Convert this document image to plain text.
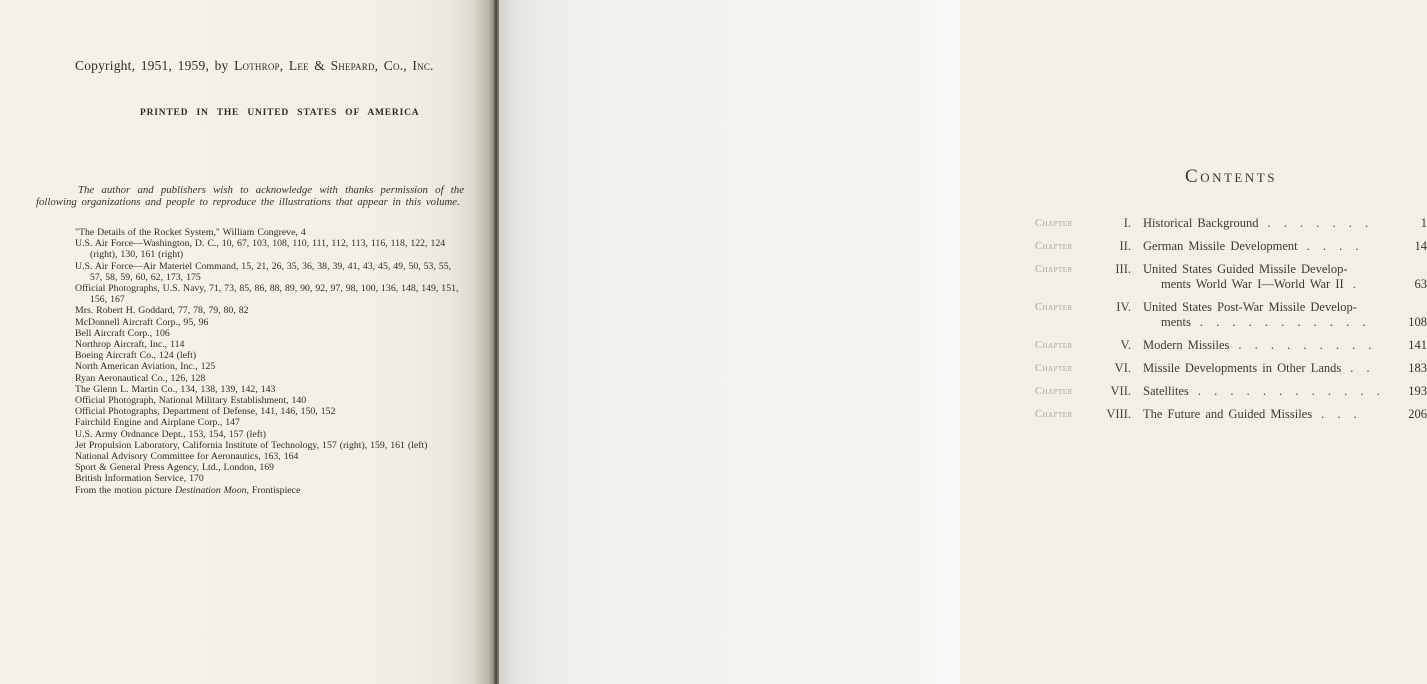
Copyright, 1951, 1959, by Lothrop, Lee & Shepard, Co., Inc.
PRINTED IN THE UNITED STATES OF AMERICA
The author and publishers wish to acknowledge with thanks permission of the following organizations and people to reproduce the illustrations that appear in this volume.
"The Details of the Rocket System," William Congreve, 4
U.S. Air Force—Washington, D. C., 10, 67, 103, 108, 110, 111, 112, 113, 116, 118, 122, 124 (right), 130, 161 (right)
U.S. Air Force—Air Materiel Command, 15, 21, 26, 35, 36, 38, 39, 41, 43, 45, 49, 50, 53, 55, 57, 58, 59, 60, 62, 173, 175
Official Photographs, U.S. Navy, 71, 73, 85, 86, 88, 89, 90, 92, 97, 98, 100, 136, 148, 149, 151, 156, 167
Mrs. Robert H. Goddard, 77, 78, 79, 80, 82
McDonnell Aircraft Corp., 95, 96
Bell Aircraft Corp., 106
Northrop Aircraft, Inc., 114
Boeing Aircraft Co., 124 (left)
North American Aviation, Inc., 125
Ryan Aeronautical Co., 126, 128
The Glenn L. Martin Co., 134, 138, 139, 142, 143
Official Photograph, National Military Establishment, 140
Official Photographs, Department of Defense, 141, 146, 150, 152
Fairchild Engine and Airplane Corp., 147
U.S. Army Ordnance Dept., 153, 154, 157 (left)
Jet Propulsion Laboratory, California Institute of Technology, 157 (right), 159, 161 (left)
National Advisory Committee for Aeronautics, 163, 164
Sport & General Press Agency, Ltd., London, 169
British Information Service, 170
From the motion picture Destination Moon, Frontispiece
Contents
Chapter	I. Historical Background . . . . . . .	1
Chapter	II. German Missile Development . . . .	14
Chapter	III. United States Guided Missile Develop-
ments World War I—World War II .	63
Chapter	IV. United States Post-War Missile Develop-
ments . . . . . . . . . . .	108
Chapter	V. Modern Missiles . . . . . . . . .	141
Chapter	VI. Missile Developments in Other Lands . .	183
Chapter	VII. Satellites . . . . . . . . . . . .	193
Chapter	VIII. The Future and Guided Missiles . . .	206
